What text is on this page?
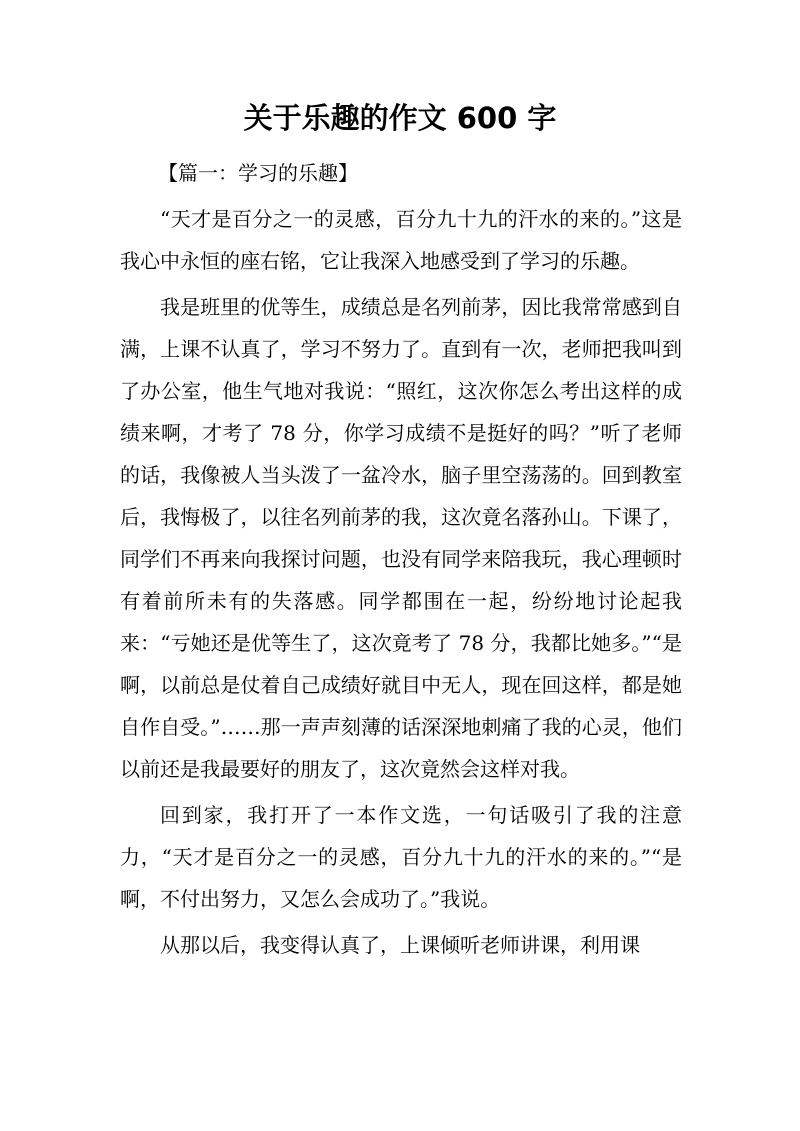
关于乐趣的作文 600 字

【篇一：学习的乐趣】

“天才是百分之一的灵感，百分九十九的汗水的来的。”这是我心中永恒的座右铭，它让我深入地感受到了学习的乐趣。

我是班里的优等生，成绩总是名列前茅，因比我常常感到自满，上课不认真了，学习不努力了。直到有一次，老师把我叫到了办公室，他生气地对我说：“照红，这次你怎么考出这样的成绩来啊，才考了 78 分，你学习成绩不是挺好的吗？”听了老师的话，我像被人当头泼了一盆冷水，脑子里空荡荡的。回到教室后，我悔极了，以往名列前茅的我，这次竟名落孙山。下课了，同学们不再来向我探讨问题，也没有同学来陪我玩，我心理顿时有着前所未有的失落感。同学都围在一起，纷纷地讨论起我来：“亏她还是优等生了，这次竟考了 78 分，我都比她多。”“是啊，以前总是仗着自己成绩好就目中无人，现在回这样，都是她自作自受。”……那一声声刻薄的话深深地刺痛了我的心灵，他们以前还是我最要好的朋友了，这次竟然会这样对我。

回到家，我打开了一本作文选，一句话吸引了我的注意力，“天才是百分之一的灵感，百分九十九的汗水的来的。”“是啊，不付出努力，又怎么会成功了。”我说。

从那以后，我变得认真了，上课倾听老师讲课，利用课
